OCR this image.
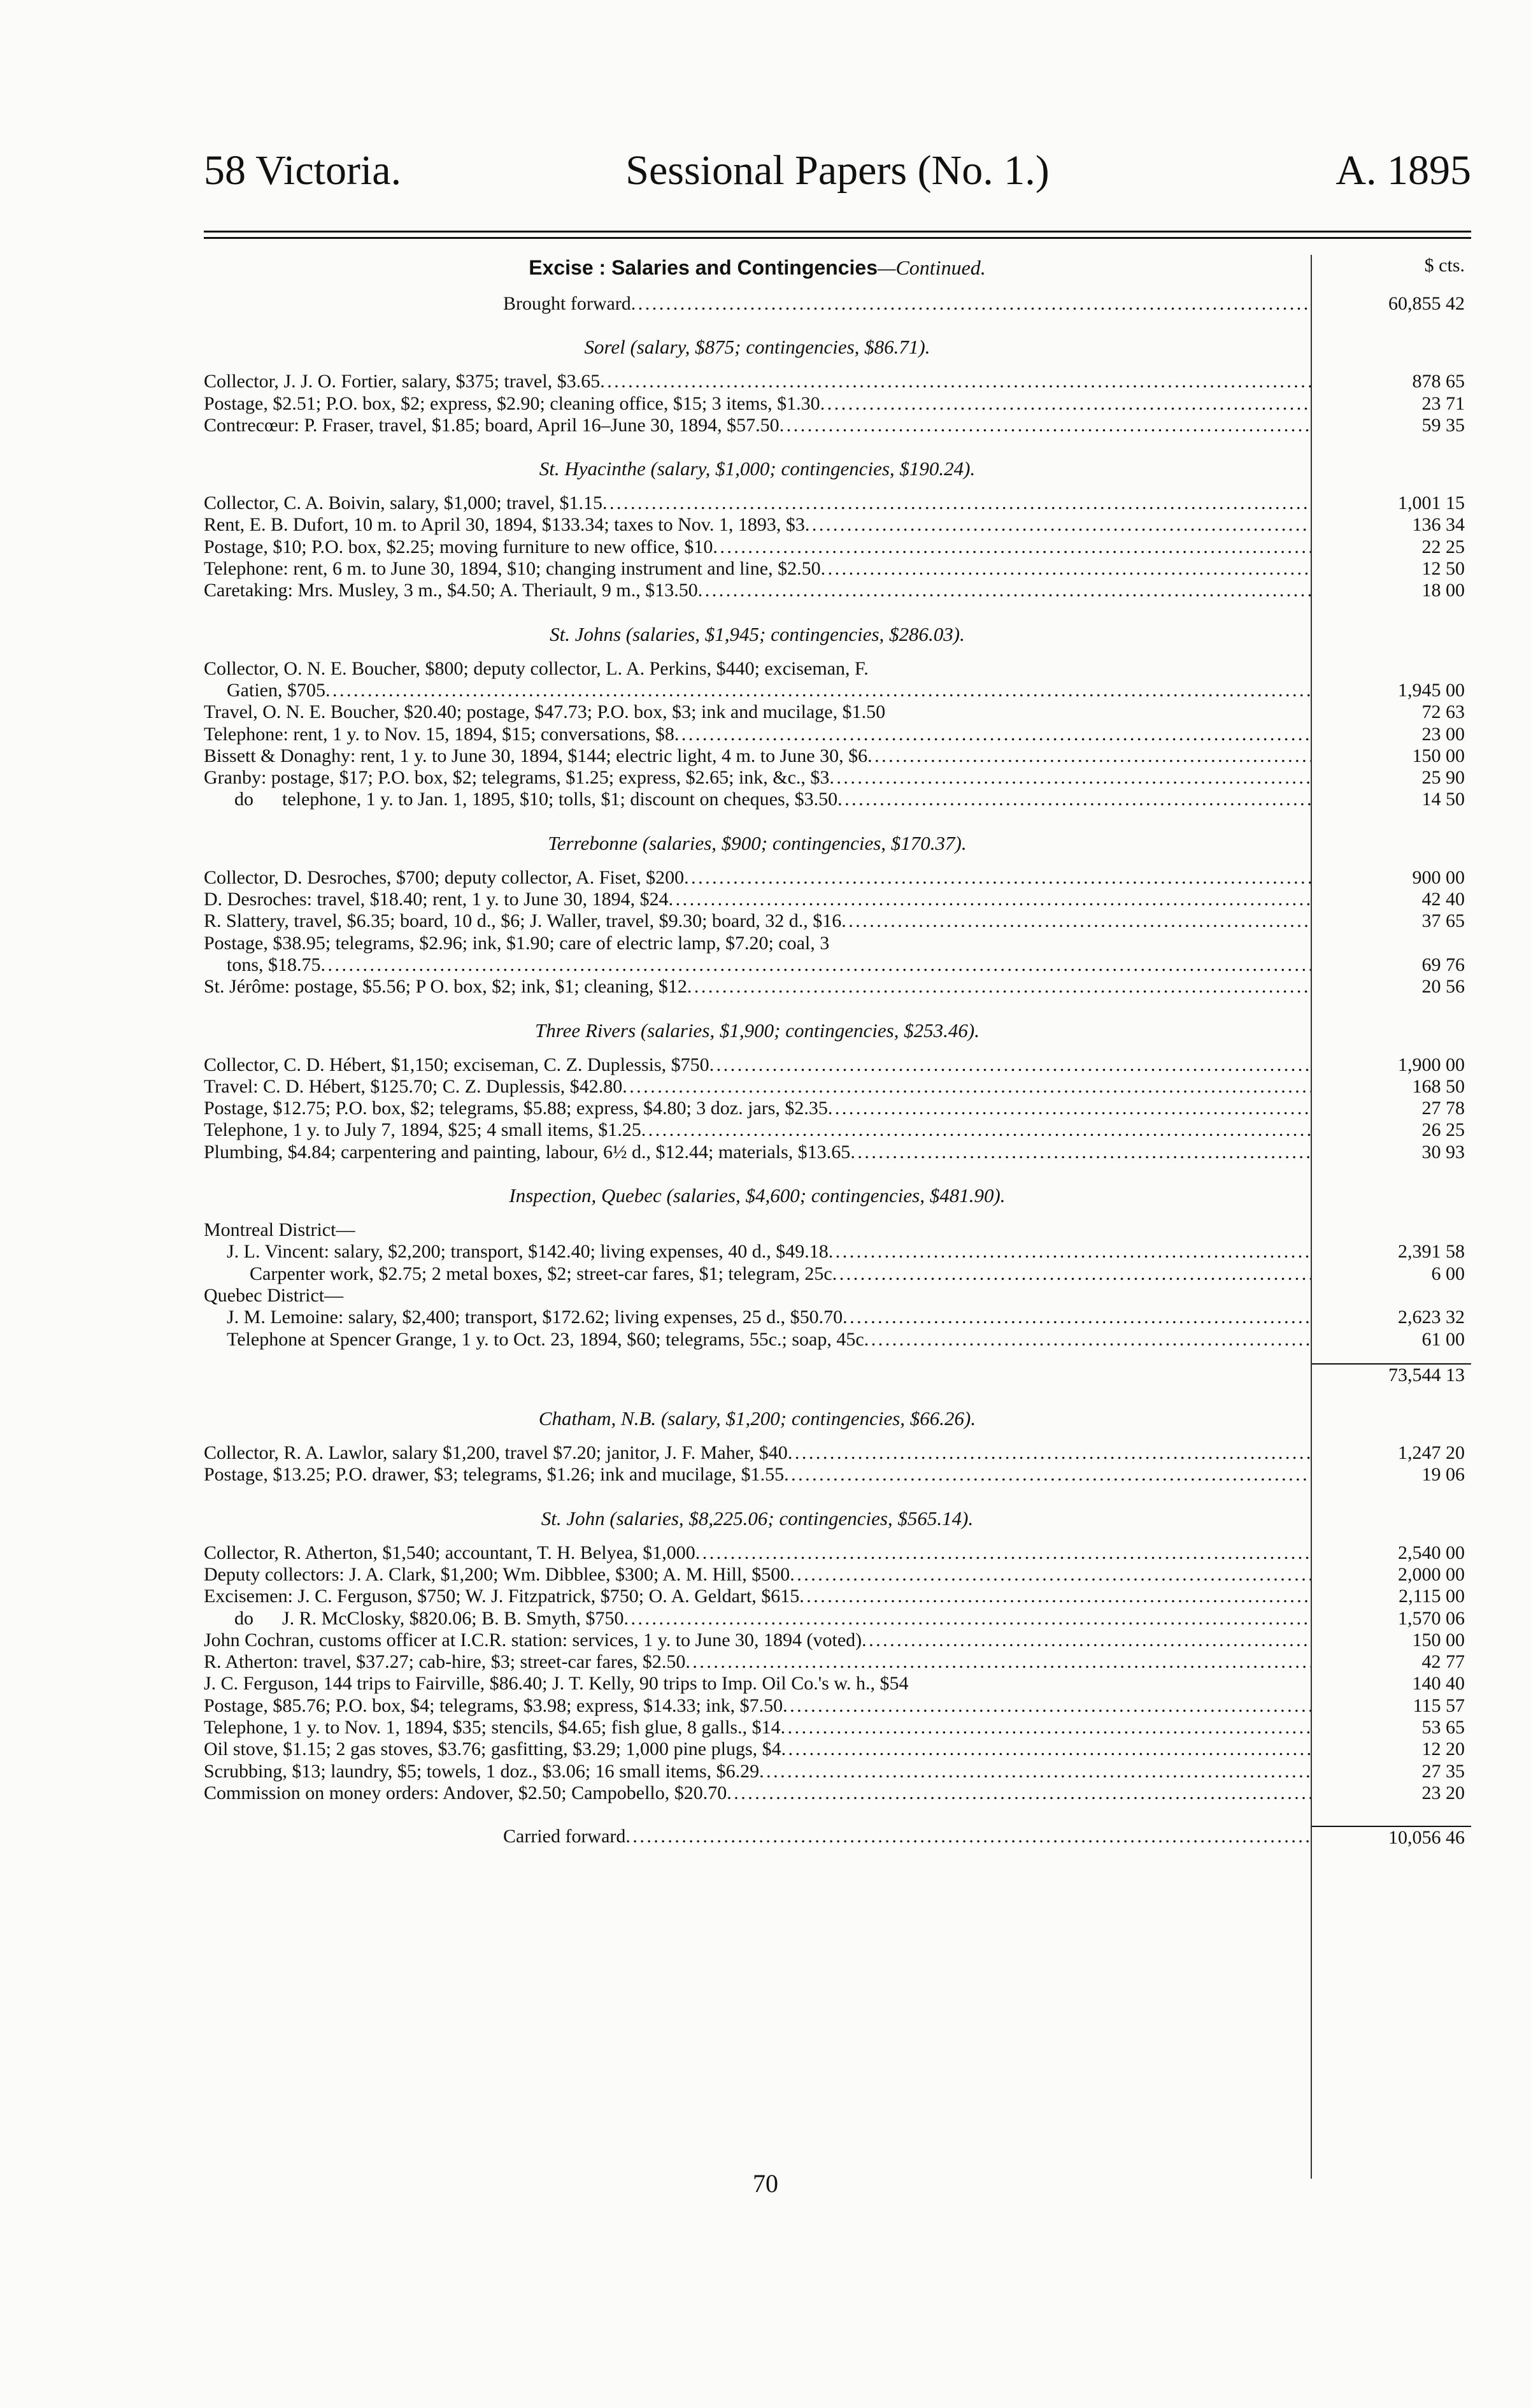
58 Victoria.	Sessional Papers (No. 1.)	A. 1895
Excise : Salaries and Contingencies—Continued.	$ cts.
Brought forward . . .	60,855 42
Sorel (salary, $875; contingencies, $86.71).
Collector, J. J. O. Fortier, salary, $375; travel, $3.65 . . .	878 65
Postage, $2.51; P.O. box, $2; express, $2.90; cleaning office, $15; 3 items, $1.30 . . .	23 71
Contrecœur: P. Fraser, travel, $1.85; board, April 16–June 30, 1894, $57.50 . . .	59 35
St. Hyacinthe (salary, $1,000; contingencies, $190.24).
Collector, C. A. Boivin, salary, $1,000; travel, $1.15 . . .	1,001 15
Rent, E. B. Dufort, 10 m. to April 30, 1894, $133.34; taxes to Nov. 1, 1893, $3 . . .	136 34
Postage, $10; P.O. box, $2.25; moving furniture to new office, $10 . . .	22 25
Telephone: rent, 6 m. to June 30, 1894, $10; changing instrument and line, $2.50 . . .	12 50
Caretaking: Mrs. Musley, 3 m., $4.50; A. Theriault, 9 m., $13.50 . . .	18 00
St. Johns (salaries, $1,945; contingencies, $286.03).
Collector, O. N. E. Boucher, $800; deputy collector, L. A. Perkins, $440; exciseman, F.
Gatien, $705 . . .	1,945 00
Travel, O. N. E. Boucher, $20.40; postage, $47.73; P.O. box, $3; ink and mucilage, $1.50	72 63
Telephone: rent, 1 y. to Nov. 15, 1894, $15; conversations, $8 . . .	23 00
Bissett & Donaghy: rent, 1 y. to June 30, 1894, $144; electric light, 4 m. to June 30, $6 . . .	150 00
Granby: postage, $17; P.O. box, $2; telegrams, $1.25; express, $2.65; ink, &c., $3 . . .	25 90
do      telephone, 1 y. to Jan. 1, 1895, $10; tolls, $1; discount on cheques, $3.50 . . .	14 50
Terrebonne (salaries, $900; contingencies, $170.37).
Collector, D. Desroches, $700; deputy collector, A. Fiset, $200 . . .	900 00
D. Desroches: travel, $18.40; rent, 1 y. to June 30, 1894, $24 . . .	42 40
R. Slattery, travel, $6.35; board, 10 d., $6; J. Waller, travel, $9.30; board, 32 d., $16 . . .	37 65
Postage, $38.95; telegrams, $2.96; ink, $1.90; care of electric lamp, $7.20; coal, 3
tons, $18.75 . . .	69 76
St. Jérôme: postage, $5.56; P O. box, $2; ink, $1; cleaning, $12 . . .	20 56
Three Rivers (salaries, $1,900; contingencies, $253.46).
Collector, C. D. Hébert, $1,150; exciseman, C. Z. Duplessis, $750 . . .	1,900 00
Travel: C. D. Hébert, $125.70; C. Z. Duplessis, $42.80 . . .	168 50
Postage, $12.75; P.O. box, $2; telegrams, $5.88; express, $4.80; 3 doz. jars, $2.35 . . .	27 78
Telephone, 1 y. to July 7, 1894, $25; 4 small items, $1.25 . . .	26 25
Plumbing, $4.84; carpentering and painting, labour, 6½ d., $12.44; materials, $13.65 . . .	30 93
Inspection, Quebec (salaries, $4,600; contingencies, $481.90).
Montreal District—
J. L. Vincent: salary, $2,200; transport, $142.40; living expenses, 40 d., $49.18 . . .	2,391 58
Carpenter work, $2.75; 2 metal boxes, $2; street-car fares, $1; telegram, 25c . . .	6 00
Quebec District—
J. M. Lemoine: salary, $2,400; transport, $172.62; living expenses, 25 d., $50.70 . . .	2,623 32
Telephone at Spencer Grange, 1 y. to Oct. 23, 1894, $60; telegrams, 55c.; soap, 45c . . .	61 00
73,544 13
Chatham, N.B. (salary, $1,200; contingencies, $66.26).
Collector, R. A. Lawlor, salary $1,200, travel $7.20; janitor, J. F. Maher, $40 . . .	1,247 20
Postage, $13.25; P.O. drawer, $3; telegrams, $1.26; ink and mucilage, $1.55 . . .	19 06
St. John (salaries, $8,225.06; contingencies, $565.14).
Collector, R. Atherton, $1,540; accountant, T. H. Belyea, $1,000 . . .	2,540 00
Deputy collectors: J. A. Clark, $1,200; Wm. Dibblee, $300; A. M. Hill, $500 . . .	2,000 00
Excisemen: J. C. Ferguson, $750; W. J. Fitzpatrick, $750; O. A. Geldart, $615 . . .	2,115 00
do      J. R. McClosky, $820.06; B. B. Smyth, $750 . . .	1,570 06
John Cochran, customs officer at I.C.R. station: services, 1 y. to June 30, 1894 (voted) . . .	150 00
R. Atherton: travel, $37.27; cab-hire, $3; street-car fares, $2.50 . . .	42 77
J. C. Ferguson, 144 trips to Fairville, $86.40; J. T. Kelly, 90 trips to Imp. Oil Co.'s w. h., $54	140 40
Postage, $85.76; P.O. box, $4; telegrams, $3.98; express, $14.33; ink, $7.50 . . .	115 57
Telephone, 1 y. to Nov. 1, 1894, $35; stencils, $4.65; fish glue, 8 galls., $14 . . .	53 65
Oil stove, $1.15; 2 gas stoves, $3.76; gasfitting, $3.29; 1,000 pine plugs, $4 . . .	12 20
Scrubbing, $13; laundry, $5; towels, 1 doz., $3.06; 16 small items, $6.29 . . .	27 35
Commission on money orders: Andover, $2.50; Campobello, $20.70 . . .	23 20
Carried forward . . .	10,056 46
70
